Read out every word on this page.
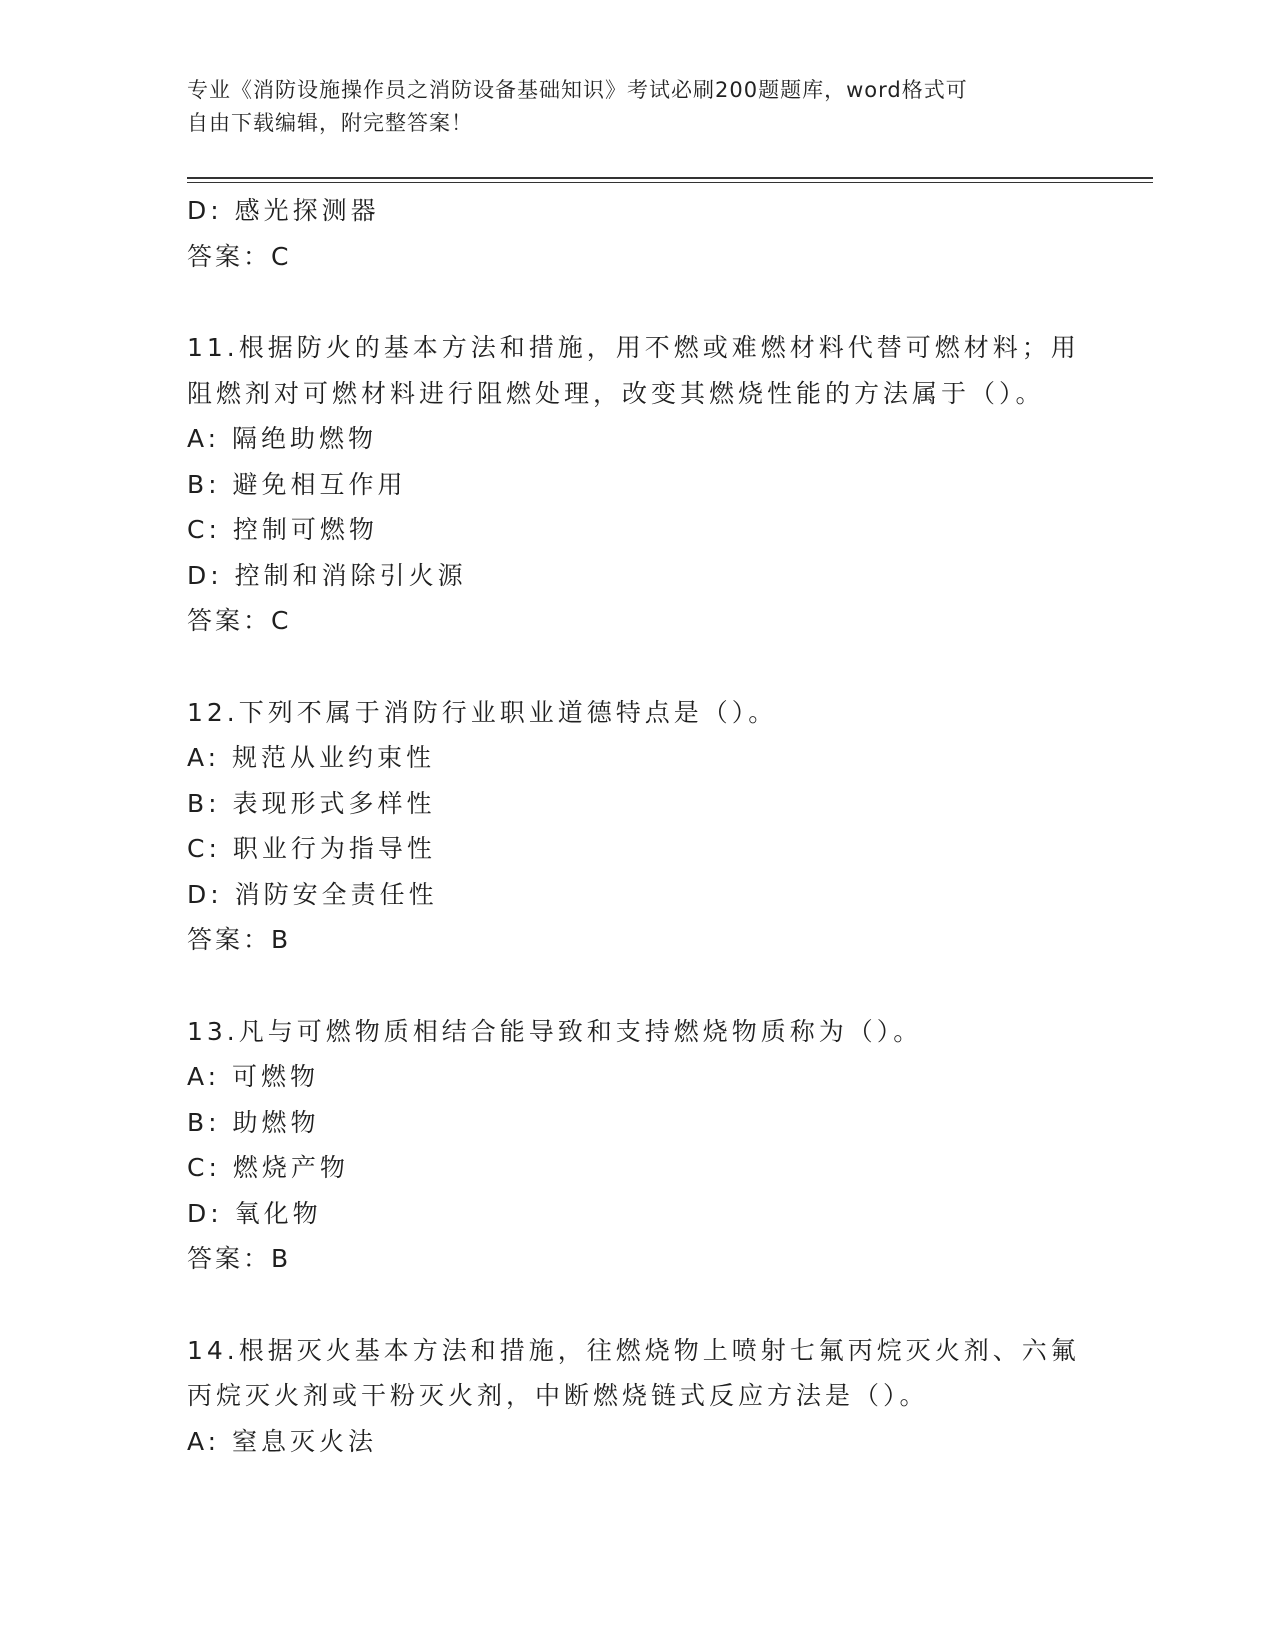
专业《消防设施操作员之消防设备基础知识》考试必刷200题题库，word格式可
自由下载编辑，附完整答案！
D: 感光探测器
答案：C
11.根据防火的基本方法和措施，用不燃或难燃材料代替可燃材料；用
阻燃剂对可燃材料进行阻燃处理，改变其燃烧性能的方法属于（）。
A: 隔绝助燃物
B: 避免相互作用
C: 控制可燃物
D: 控制和消除引火源
答案：C
12.下列不属于消防行业职业道德特点是（）。
A: 规范从业约束性
B: 表现形式多样性
C: 职业行为指导性
D: 消防安全责任性
答案：B
13.凡与可燃物质相结合能导致和支持燃烧物质称为（）。
A: 可燃物
B: 助燃物
C: 燃烧产物
D: 氧化物
答案：B
14.根据灭火基本方法和措施，往燃烧物上喷射七氟丙烷灭火剂、六氟
丙烷灭火剂或干粉灭火剂，中断燃烧链式反应方法是（）。
A: 窒息灭火法
